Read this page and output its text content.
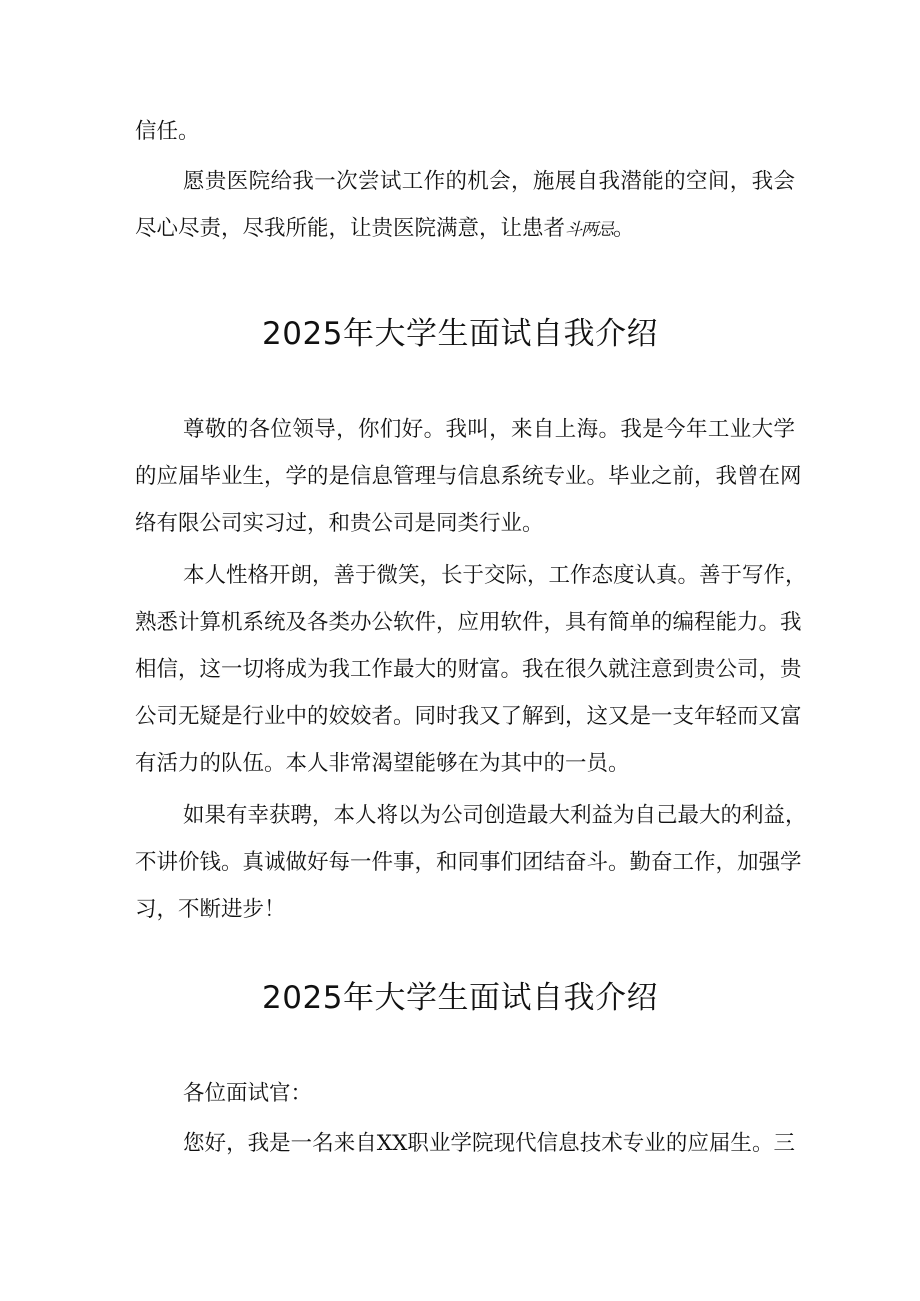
信任。
愿贵医院给我一次尝试工作的机会，施展自我潜能的空间，我会
尽心尽责，尽我所能，让贵医院满意，让患者斗两忌。
2025年大学生面试自我介绍
尊敬的各位领导，你们好。我叫，来自上海。我是今年工业大学
的应届毕业生，学的是信息管理与信息系统专业。毕业之前，我曾在网
络有限公司实习过，和贵公司是同类行业。
本人性格开朗，善于微笑，长于交际，工作态度认真。善于写作，
熟悉计算机系统及各类办公软件，应用软件，具有简单的编程能力。我
相信，这一切将成为我工作最大的财富。我在很久就注意到贵公司，贵
公司无疑是行业中的姣姣者。同时我又了解到，这又是一支年轻而又富
有活力的队伍。本人非常渴望能够在为其中的一员。
如果有幸获聘，本人将以为公司创造最大利益为自己最大的利益，
不讲价钱。真诚做好每一件事，和同事们团结奋斗。勤奋工作，加强学
习，不断进步！
2025年大学生面试自我介绍
各位面试官：
您好，我是一名来自XX职业学院现代信息技术专业的应届生。三
